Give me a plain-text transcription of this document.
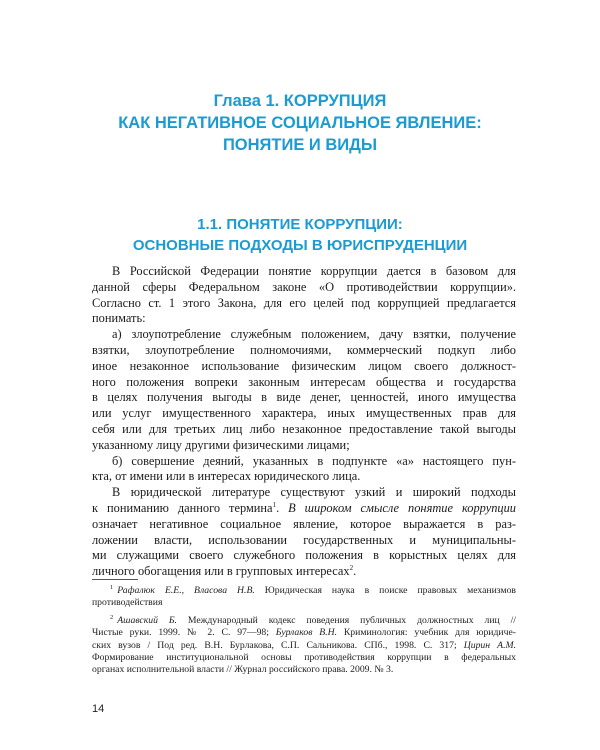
Глава 1. КОРРУПЦИЯ
КАК НЕГАТИВНОЕ СОЦИАЛЬНОЕ ЯВЛЕНИЕ:
ПОНЯТИЕ И ВИДЫ
1.1. ПОНЯТИЕ КОРРУПЦИИ:
ОСНОВНЫЕ ПОДХОДЫ В ЮРИСПРУДЕНЦИИ
В Российской Федерации понятие коррупции дается в базовом для
данной сферы Федеральном законе «О противодействии коррупции».
Согласно ст. 1 этого Закона, для его целей под коррупцией предлагается
понимать:
а) злоупотребление служебным положением, дачу взятки, получение
взятки, злоупотребление полномочиями, коммерческий подкуп либо
иное незаконное использование физическим лицом своего должност-
ного положения вопреки законным интересам общества и государства
в целях получения выгоды в виде денег, ценностей, иного имущества
или услуг имущественного характера, иных имущественных прав для
себя или для третьих лиц либо незаконное предоставление такой выгоды
указанному лицу другими физическими лицами;
б) совершение деяний, указанных в подпункте «а» настоящего пун-
кта, от имени или в интересах юридического лица.
В юридической литературе существуют узкий и широкий подходы
к пониманию данного термина$^1$. В широком смысле понятие коррупции
означает негативное социальное явление, которое выражается в раз-
ложении власти, использовании государственных и муниципальны-
ми служащими своего служебного положения в корыстных целях для
личного обогащения или в групповых интересах$^2$.
$^1$ Рафалюк Е.Е., Власова Н.В. Юридическая наука в поиске правовых механизмов
противодействия
$^2$ Ашавский Б. Международный кодекс поведения публичных должностных лиц //
Чистые руки. 1999. № 2. С. 97—98; Бурлаков В.Н. Криминология: учебник для юридиче-
ских вузов / Под ред. В.Н. Бурлакова, С.П. Сальникова. СПб., 1998. С. 317; Цирин А.М.
Формирование институциональной основы противодействия коррупции в федеральных
органах исполнительной власти // Журнал российского права. 2009. № 3.
14
